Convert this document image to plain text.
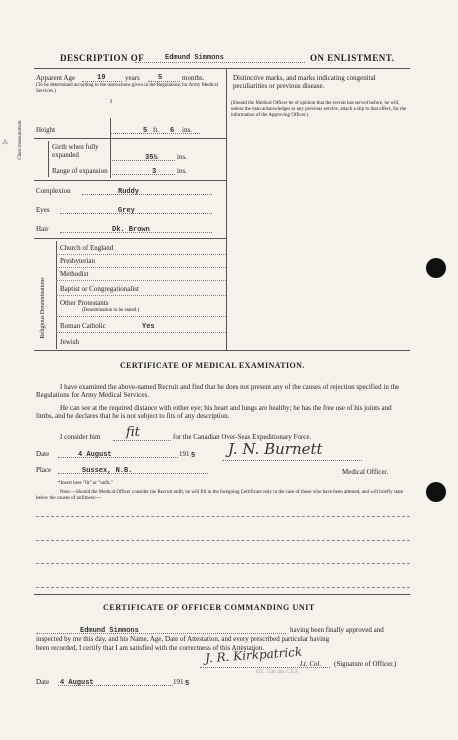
⁂
DESCRIPTION OF	Edmund Simmons	ON ENLISTMENT.
Apparent Age	19	years	5	months.
(To be determined according to the instructions given in the Regulations for Army Medical Services.)
ᵼ
Distinctive marks, and marks indicating congenital peculiarities or previous disease.
(Should the Medical Officer be of opinion that the recruit has served before, he will, unless the man acknowledges to any previous service, attach a slip to that effect, for the information of the Approving Officer.)
Height	5 ft. 6 ins.
Chest measurement	Girth when fully expanded	35½	ins.
Range of expansion	3	ins.
Complexion	Ruddy
Eyes	Grey
Hair	Dk. Brown
Religious Denominations
Church of England
Presbyterian
Methodist
Baptist or Congregationalist
Other Protestants
(Denomination to be stated.)
Roman Catholic	Yes
Jewish
CERTIFICATE OF MEDICAL EXAMINATION.
I have examined the above-named Recruit and find that he does not present any of the causes of rejection specified in the Regulations for Army Medical Services.
He can see at the required distance with either eye; his heart and lungs are healthy; he has the free use of his joints and limbs, and he declares that he is not subject to fits of any description.
I consider him fit	for the Canadian Over-Seas Expeditionary Force.
Date	4 August	191 5 J. N. Burnett
Place	Sussex, N.B.	Medical Officer.
*Insert here "fit" or "unfit."
Note.—Should the Medical Officer consider the Recruit unfit, he will fill in the foregoing Certificate only in the case of those who have been attested, and will briefly state below the causes of unfitness:—
CERTIFICATE OF OFFICER COMMANDING UNIT
Edmund Simmons	having been finally approved and
inspected by me this day, and his Name, Age, Date of Attestation, and every prescribed particular having
been recorded, I certify that I am satisfied with the correctness of this Attestation.
J. R. Kirkpatrick
Lt. Col. (Signature of Officer.)
O.C. 55th. Bn. C.E.F.
Date 4 August	191 5
